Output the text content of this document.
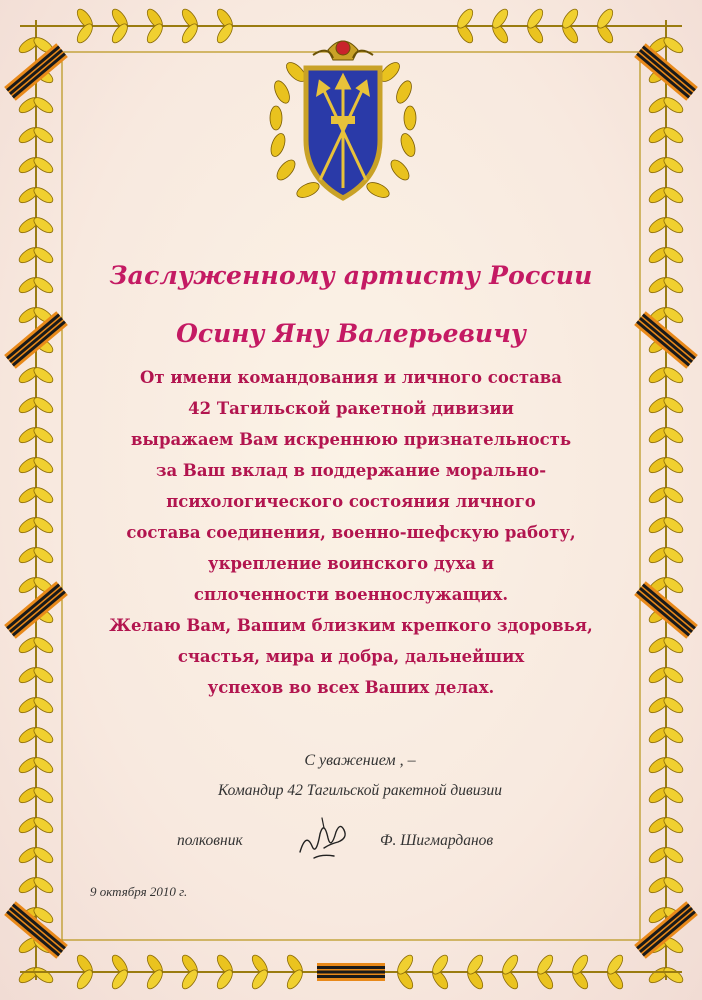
Заслуженному артисту России
Осину Яну Валерьевичу
От имени командования и личного состава
42 Тагильской ракетной дивизии
выражаем Вам искреннюю признательность
за Ваш вклад в поддержание морально-
психологического состояния личного
состава соединения, военно-шефскую работу,
укрепление воинского духа и
сплоченности военнослужащих.
Желаю Вам, Вашим близким крепкого здоровья,
счастья, мира и добра, дальнейших
успехов во всех Ваших делах.
С уважением , –
Командир 42 Тагильской ракетной дивизии
полковник	Ф. Шигмарданов
9 октября 2010 г.
